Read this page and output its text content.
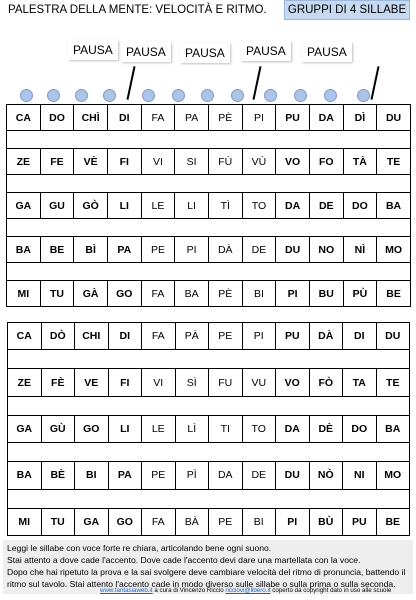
PALESTRA DELLA MENTE: VELOCITÀ E RITMO.	GRUPPI DI 4 SILLABE
PAUSA	PAUSA	PAUSA	PAUSA	PAUSA
CA	DO	CHÌ	DI	FA	PA	PÈ	PI	PU	DA	DÌ	DU

ZE	FE	VÈ	FI	VI	SI	FÙ	VÙ	VO	FO	TÀ	TE

GA	GU	GÒ	LI	LE	LI	TÌ	TO	DA	DE	DO	BA

BA	BE	BÌ	PA	PE	PI	DÀ	DE	DU	NO	NÌ	MO

MI	TU	GÀ	GO	FA	BA	PÈ	BI	PI	BU	PÙ	BE
CA	DÒ	CHI	DI	FA	PÀ	PE	PI	PU	DÀ	DI	DU

ZE	FÈ	VE	FI	VI	SÌ	FU	VU	VO	FÒ	TA	TE

GA	GÙ	GO	LI	LE	LÌ	TI	TO	DA	DÈ	DO	BA

BA	BÈ	BI	PA	PE	PÌ	DA	DE	DU	NÒ	NI	MO

MI	TU	GA	GO	FA	BÀ	PE	BI	PI	BÙ	PU	BE
Leggi le sillabe con voce forte re chiara, articolando bene ogni suono.
Stai attento a dove cade l'accento. Dove cade l'accento devi dare una martellata con la voce.
Dopo che hai ripetuto la prova e la sai svolgere deve cambiare velocità del ritmo di pronuncia, battendo il ritmo sul tavolo. Stai attento l'accento cade in modo diverso sulle sillabe o sulla prima o sulla seconda.
www.fantasiaweb.it a cura di Vincenzo Riccio ricciovi@libero.it coperto da copyright dato in uso alle scuole
